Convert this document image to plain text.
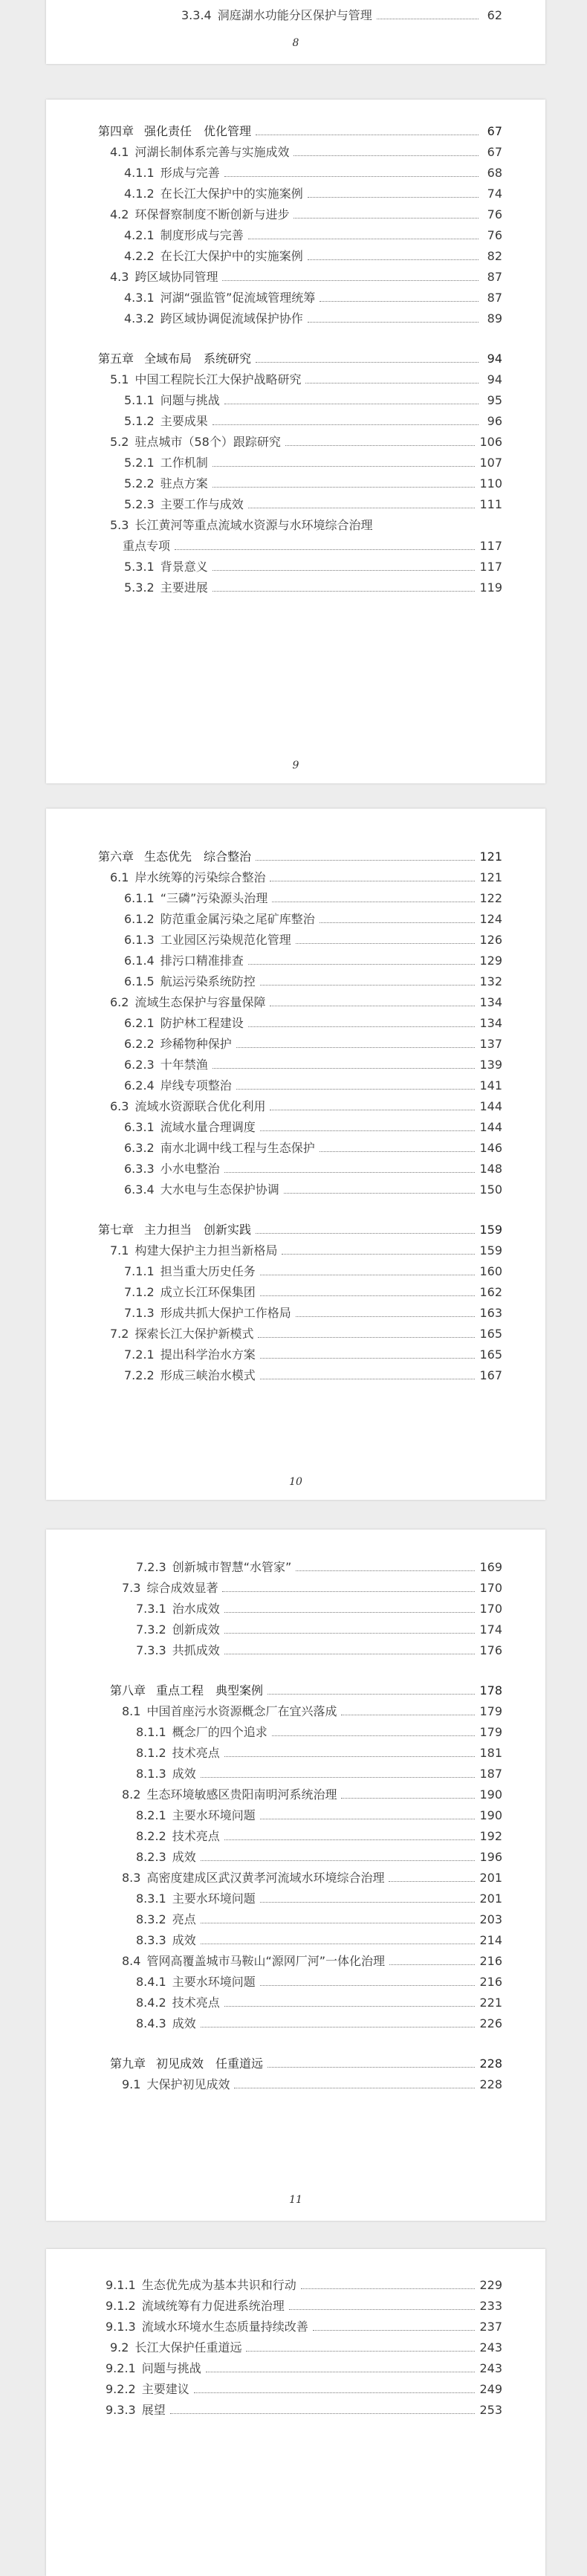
3.3.4 洞庭湖水功能分区保护与管理	62
8
第四章 强化责任　优化管理	67
4.1 河湖长制体系完善与实施成效	67
4.1.1 形成与完善	68
4.1.2 在长江大保护中的实施案例	74
4.2 环保督察制度不断创新与进步	76
4.2.1 制度形成与完善	76
4.2.2 在长江大保护中的实施案例	82
4.3 跨区域协同管理	87
4.3.1 河湖“强监管”促流域管理统筹	87
4.3.2 跨区域协调促流域保护协作	89
第五章 全域布局　系统研究	94
5.1 中国工程院长江大保护战略研究	94
5.1.1 问题与挑战	95
5.1.2 主要成果	96
5.2 驻点城市（58个）跟踪研究	106
5.2.1 工作机制	107
5.2.2 驻点方案	110
5.2.3 主要工作与成效	111
5.3 长江黄河等重点流域水资源与水环境综合治理
重点专项	117
5.3.1 背景意义	117
5.3.2 主要进展	119
9
第六章 生态优先　综合整治	121
6.1 岸水统筹的污染综合整治	121
6.1.1 “三磷”污染源头治理	122
6.1.2 防范重金属污染之尾矿库整治	124
6.1.3 工业园区污染规范化管理	126
6.1.4 排污口精准排查	129
6.1.5 航运污染系统防控	132
6.2 流域生态保护与容量保障	134
6.2.1 防护林工程建设	134
6.2.2 珍稀物种保护	137
6.2.3 十年禁渔	139
6.2.4 岸线专项整治	141
6.3 流域水资源联合优化利用	144
6.3.1 流域水量合理调度	144
6.3.2 南水北调中线工程与生态保护	146
6.3.3 小水电整治	148
6.3.4 大水电与生态保护协调	150
第七章 主力担当　创新实践	159
7.1 构建大保护主力担当新格局	159
7.1.1 担当重大历史任务	160
7.1.2 成立长江环保集团	162
7.1.3 形成共抓大保护工作格局	163
7.2 探索长江大保护新模式	165
7.2.1 提出科学治水方案	165
7.2.2 形成三峡治水模式	167
10
7.2.3 创新城市智慧“水管家”	169
7.3 综合成效显著	170
7.3.1 治水成效	170
7.3.2 创新成效	174
7.3.3 共抓成效	176
第八章 重点工程　典型案例	178
8.1 中国首座污水资源概念厂在宜兴落成	179
8.1.1 概念厂的四个追求	179
8.1.2 技术亮点	181
8.1.3 成效	187
8.2 生态环境敏感区贵阳南明河系统治理	190
8.2.1 主要水环境问题	190
8.2.2 技术亮点	192
8.2.3 成效	196
8.3 高密度建成区武汉黄孝河流域水环境综合治理	201
8.3.1 主要水环境问题	201
8.3.2 亮点	203
8.3.3 成效	214
8.4 管网高覆盖城市马鞍山“源网厂河”一体化治理	216
8.4.1 主要水环境问题	216
8.4.2 技术亮点	221
8.4.3 成效	226
第九章 初见成效　任重道远	228
9.1 大保护初见成效	228
11
9.1.1 生态优先成为基本共识和行动	229
9.1.2 流域统筹有力促进系统治理	233
9.1.3 流域水环境水生态质量持续改善	237
9.2 长江大保护任重道远	243
9.2.1 问题与挑战	243
9.2.2 主要建议	249
9.3.3 展望	253
